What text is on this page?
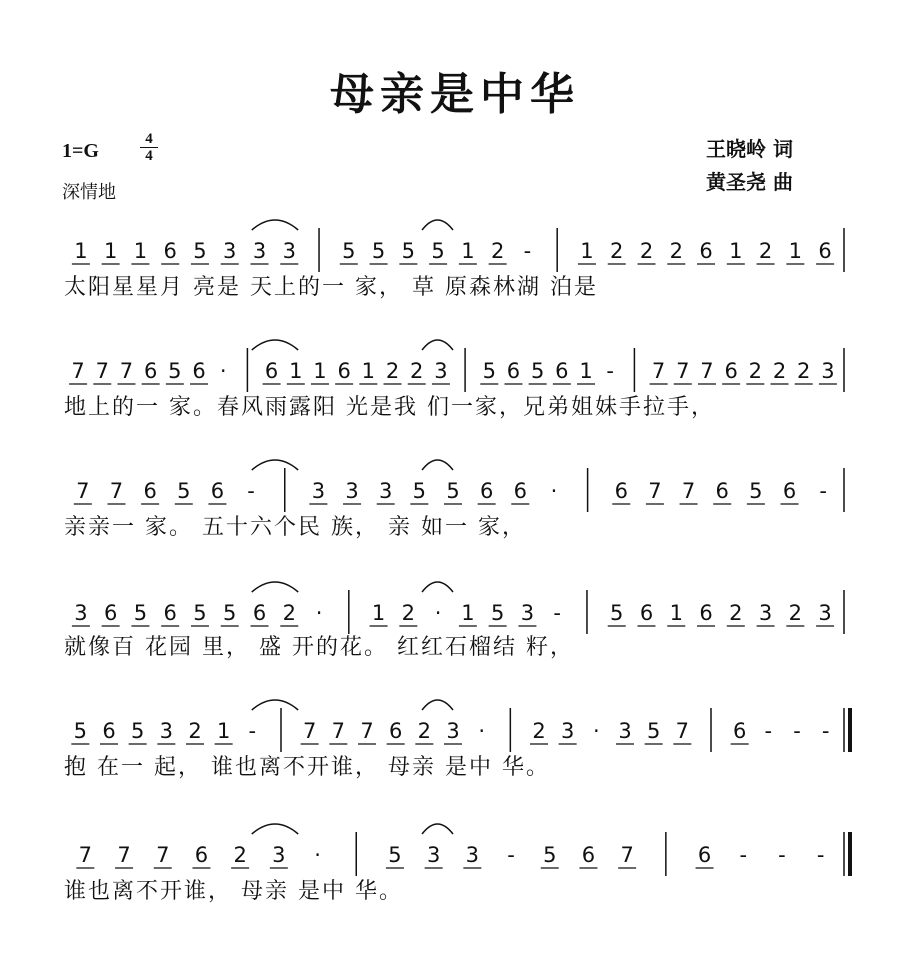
母亲是中华
1=G
4
4
深情地
王晓岭 词
黄圣尧 曲
1 1 1 6 5 3 3 3 5 5 5 5 1 2 - 1 2 2 2 6 1 2 1 6
7 7 7 6 5 6 · 6 1 1 6 1 2 2 3 5 6 5 6 1 - 7 7 7 6 2 2 2 3
7 7 6 5 6 -	3 3 3 5 5 6 6 ·	6 7 7 6 5 6 -
3 6 5 6 5 5 6 2 · 1 2 · 1 5 3 - 5 6 1 6 2 3 2 3
5 6 5 3 2 1 - 7 7 7 6 2 3 · 2 3 · 3 5 7 6 - - -
7 7 7 6 2 3 ·	5 3 3 - 5 6 7	6 - - -
太阳星星月 亮是 天上的一 家， 草 原森林湖 泊是
地上的一 家。春风雨露阳 光是我 们一家，兄弟姐妹手拉手，
亲亲一 家。 五十六个民 族， 亲 如一 家，
就像百 花园 里， 盛 开的花。 红红石榴结 籽，
抱 在一 起， 谁也离不开谁， 母亲 是中 华。
谁也离不开谁， 母亲 是中 华。
